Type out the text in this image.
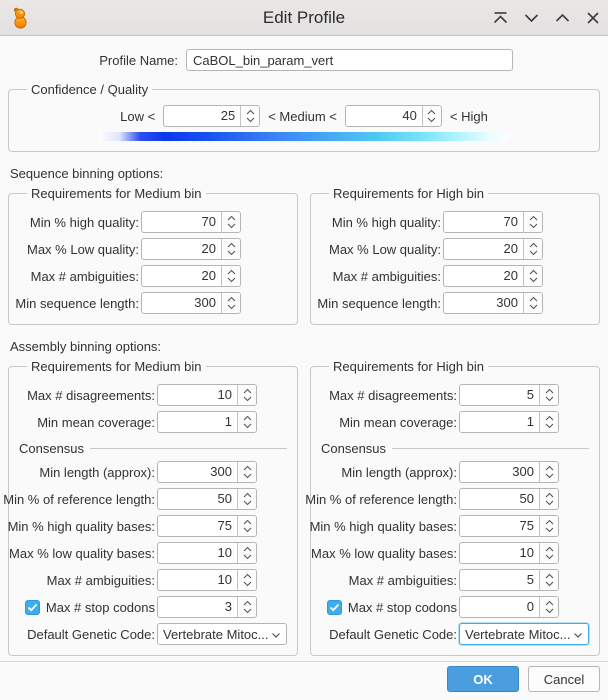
Edit Profile
Profile Name:	CaBOL_bin_param_vert
Confidence / Quality
Low <	25	< Medium <	40	< High
Sequence binning options:
Requirements for Medium bin
Min % high quality:	70
Max % Low quality:	20
Max # ambiguities:	20
Min sequence length:	300
Requirements for High bin
Min % high quality:	70
Max % Low quality:	20
Max # ambiguities:	20
Min sequence length:	300
Assembly binning options:
Requirements for Medium bin
Max # disagreements:	10
Min mean coverage:	1
Consensus
Min length (approx):	300
Min % of reference length:	50
Min % high quality bases:	75
Max % low quality bases:	10
Max # ambiguities:	10
Max # stop codons	3
Default Genetic Code: Vertebrate Mitoc...
Requirements for High bin
Max # disagreements:	5
Min mean coverage:	1
Consensus
Min length (approx):	300
Min % of reference length:	50
Min % high quality bases:	75
Max % low quality bases:	10
Max # ambiguities:	5
Max # stop codons	0
Default Genetic Code: Vertebrate Mitoc...
OK	Cancel
